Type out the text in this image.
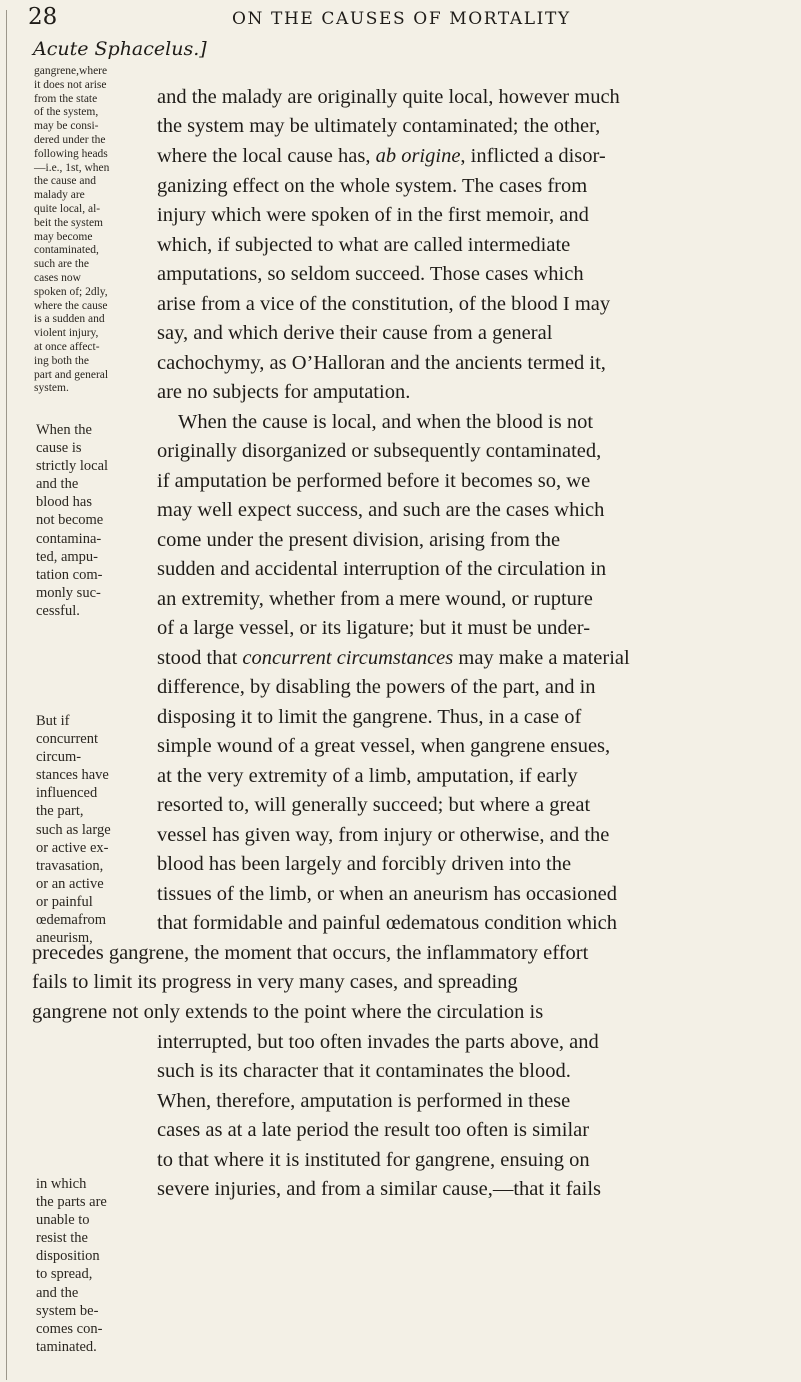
28	ON THE CAUSES OF MORTALITY
Acute Sphacelus.]
gangrene,where
it does not arise
from the state
of the system,
may be consi-
dered under the
following heads
—i.e., 1st, when
the cause and
malady are
quite local, al-
beit the system
may become
contaminated,
such are the
cases now
spoken of; 2dly,
where the cause
is a sudden and
violent injury,
at once affect-
ing both the
part and general
system.
When the
cause is
strictly local
and the
blood has
not become
contamina-
ted, ampu-
tation com-
monly suc-
cessful.
But if
concurrent
circum-
stances have
influenced
the part,
such as large
or active ex-
travasation,
or an active
or painful
œdemafrom
aneurism,
in which
the parts are
unable to
resist the
disposition
to spread,
and the
system be-
comes con-
taminated.
and the malady are originally quite local, however much
the system may be ultimately contaminated; the other,
where the local cause has, ab origine, inflicted a disor-
ganizing effect on the whole system. The cases from
injury which were spoken of in the first memoir, and
which, if subjected to what are called intermediate
amputations, so seldom succeed. Those cases which
arise from a vice of the constitution, of the blood I may
say, and which derive their cause from a general
cachochymy, as O’Halloran and the ancients termed it,
are no subjects for amputation.
When the cause is local, and when the blood is not
originally disorganized or subsequently contaminated,
if amputation be performed before it becomes so, we
may well expect success, and such are the cases which
come under the present division, arising from the
sudden and accidental interruption of the circulation in
an extremity, whether from a mere wound, or rupture
of a large vessel, or its ligature; but it must be under-
stood that concurrent circumstances may make a material
difference, by disabling the powers of the part, and in
disposing it to limit the gangrene. Thus, in a case of
simple wound of a great vessel, when gangrene ensues,
at the very extremity of a limb, amputation, if early
resorted to, will generally succeed; but where a great
vessel has given way, from injury or otherwise, and the
blood has been largely and forcibly driven into the
tissues of the limb, or when an aneurism has occasioned
that formidable and painful œdematous condition which
precedes gangrene, the moment that occurs, the inflammatory effort
fails to limit its progress in very many cases, and spreading
gangrene not only extends to the point where the circulation is
interrupted, but too often invades the parts above, and
such is its character that it contaminates the blood.
When, therefore, amputation is performed in these
cases as at a late period the result too often is similar
to that where it is instituted for gangrene, ensuing on
severe injuries, and from a similar cause,—that it fails
